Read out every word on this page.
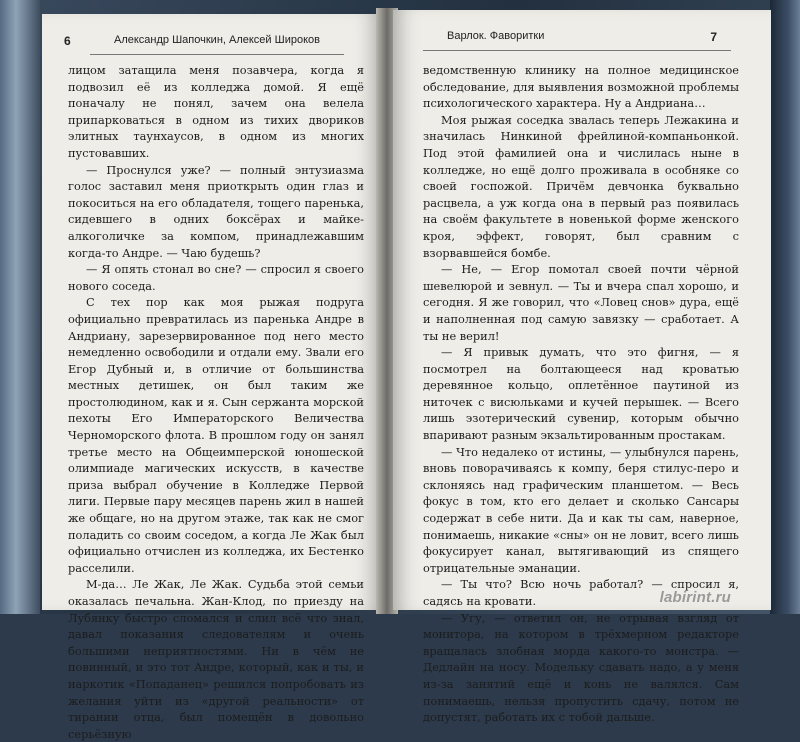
6	Александр Шапочкин, Алексей Широков

лицом затащила меня позавчера, когда я подвозил её из колледжа домой. Я ещё поначалу не понял, зачем она велела припарковаться в одном из тихих двориков элитных таунхаусов, в одном из многих пустовавших.

— Проснулся уже? — полный энтузиазма голос заставил меня приоткрыть один глаз и покоситься на его обладателя, тощего паренька, сидевшего в одних боксёрах и майке-алкоголичке за компом, принадлежавшим когда-то Андре. — Чаю будешь?

— Я опять стонал во сне? — спросил я своего нового соседа.

С тех пор как моя рыжая подруга официально превратилась из паренька Андре в Андриану, зарезервированное под него место немедленно освободили и отдали ему. Звали его Егор Дубный и, в отличие от большинства местных детишек, он был таким же простолюдином, как и я. Сын сержанта морской пехоты Его Императорского Величества Черноморского флота. В прошлом году он занял третье место на Общеимперской юношеской олимпиаде магических искусств, в качестве приза выбрал обучение в Колледже Первой лиги. Первые пару месяцев парень жил в нашей же общаге, но на другом этаже, так как не смог поладить со своим соседом, а когда Ле Жак был официально отчислен из колледжа, их Бестенко расселили.

М-да… Ле Жак, Ле Жак. Судьба этой семьи оказалась печальна. Жан-Клод, по приезду на Лубянку быстро сломался и слил всё что знал, давал показания следователям и очень большими неприятностями. Ни в чём не повинный, и это тот Андре, который, как и ты, и наркотик «Попаданец» решился попробовать из желания уйти из «другой реальности» от тирании отца, был помещён в довольно серьёзную

Варлок. Фаворитки	7

ведомственную клинику на полное медицинское обследование, для выявления возможной проблемы психологического характера. Ну а Андриана…

Моя рыжая соседка звалась теперь Лежакина и значилась Нинкиной фрейлиной-компаньонкой. Под этой фамилией она и числилась ныне в колледже, но ещё долго проживала в особняке со своей госпожой. Причём девчонка буквально расцвела, а уж когда она в первый раз появилась на своём факультете в новенькой форме женского кроя, эффект, говорят, был сравним с взорвавшейся бомбе.

— Не, — Егор помотал своей почти чёрной шевелюрой и зевнул. — Ты и вчера спал хорошо, и сегодня. Я же говорил, что «Ловец снов» дура, ещё и наполненная под самую завязку — сработает. А ты не верил!

— Я привык думать, что это фигня, — я посмотрел на болтающееся над кроватью деревянное кольцо, оплетённое паутиной из ниточек с висюльками и кучей перышек. — Всего лишь эзотерический сувенир, которым обычно впаривают разным экзальтированным простакам.

— Что недалеко от истины, — улыбнулся парень, вновь поворачиваясь к компу, беря стилус-перо и склоняясь над графическим планшетом. — Весь фокус в том, кто его делает и сколько Сансары содержат в себе нити. Да и как ты сам, наверное, понимаешь, никакие «сны» он не ловит, всего лишь фокусирует канал, вытягивающий из спящего отрицательные эманации.

— Ты что? Всю ночь работал? — спросил я, садясь на кровати.

— Угу, — ответил он, не отрывая взгляд от монитора, на котором в трёхмерном редакторе вращалась злобная морда какого-то монстра. — Дедлайн на носу. Модельку сдавать надо, а у меня из-за занятий ещё и конь не валялся. Сам понимаешь, нельзя пропустить сдачу, потом не допустят, работать их с тобой дальше.

labirint.ru
